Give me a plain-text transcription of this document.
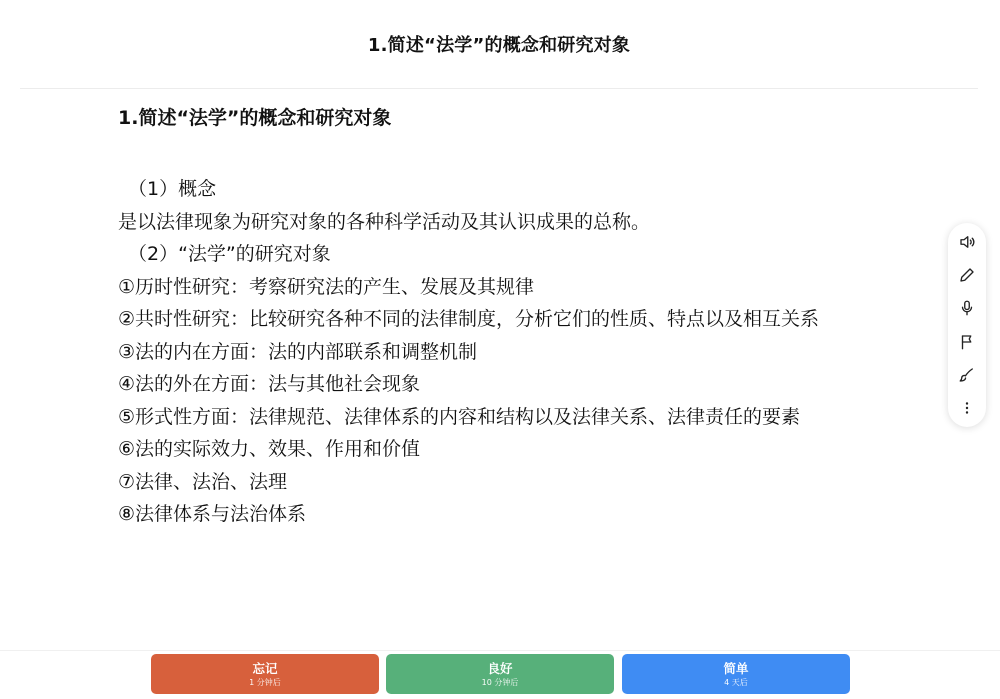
1.简述“法学”的概念和研究对象
1.简述“法学”的概念和研究对象
（1）概念
是以法律现象为研究对象的各种科学活动及其认识成果的总称。
（2）“法学”的研究对象
①历时性研究：考察研究法的产生、发展及其规律
②共时性研究：比较研究各种不同的法律制度，分析它们的性质、特点以及相互关系
③法的内在方面：法的内部联系和调整机制
④法的外在方面：法与其他社会现象
⑤形式性方面：法律规范、法律体系的内容和结构以及法律关系、法律责任的要素
⑥法的实际效力、效果、作用和价值
⑦法律、法治、法理
⑧法律体系与法治体系
忘记
1 分钟后
良好
10 分钟后
简单
4 天后
